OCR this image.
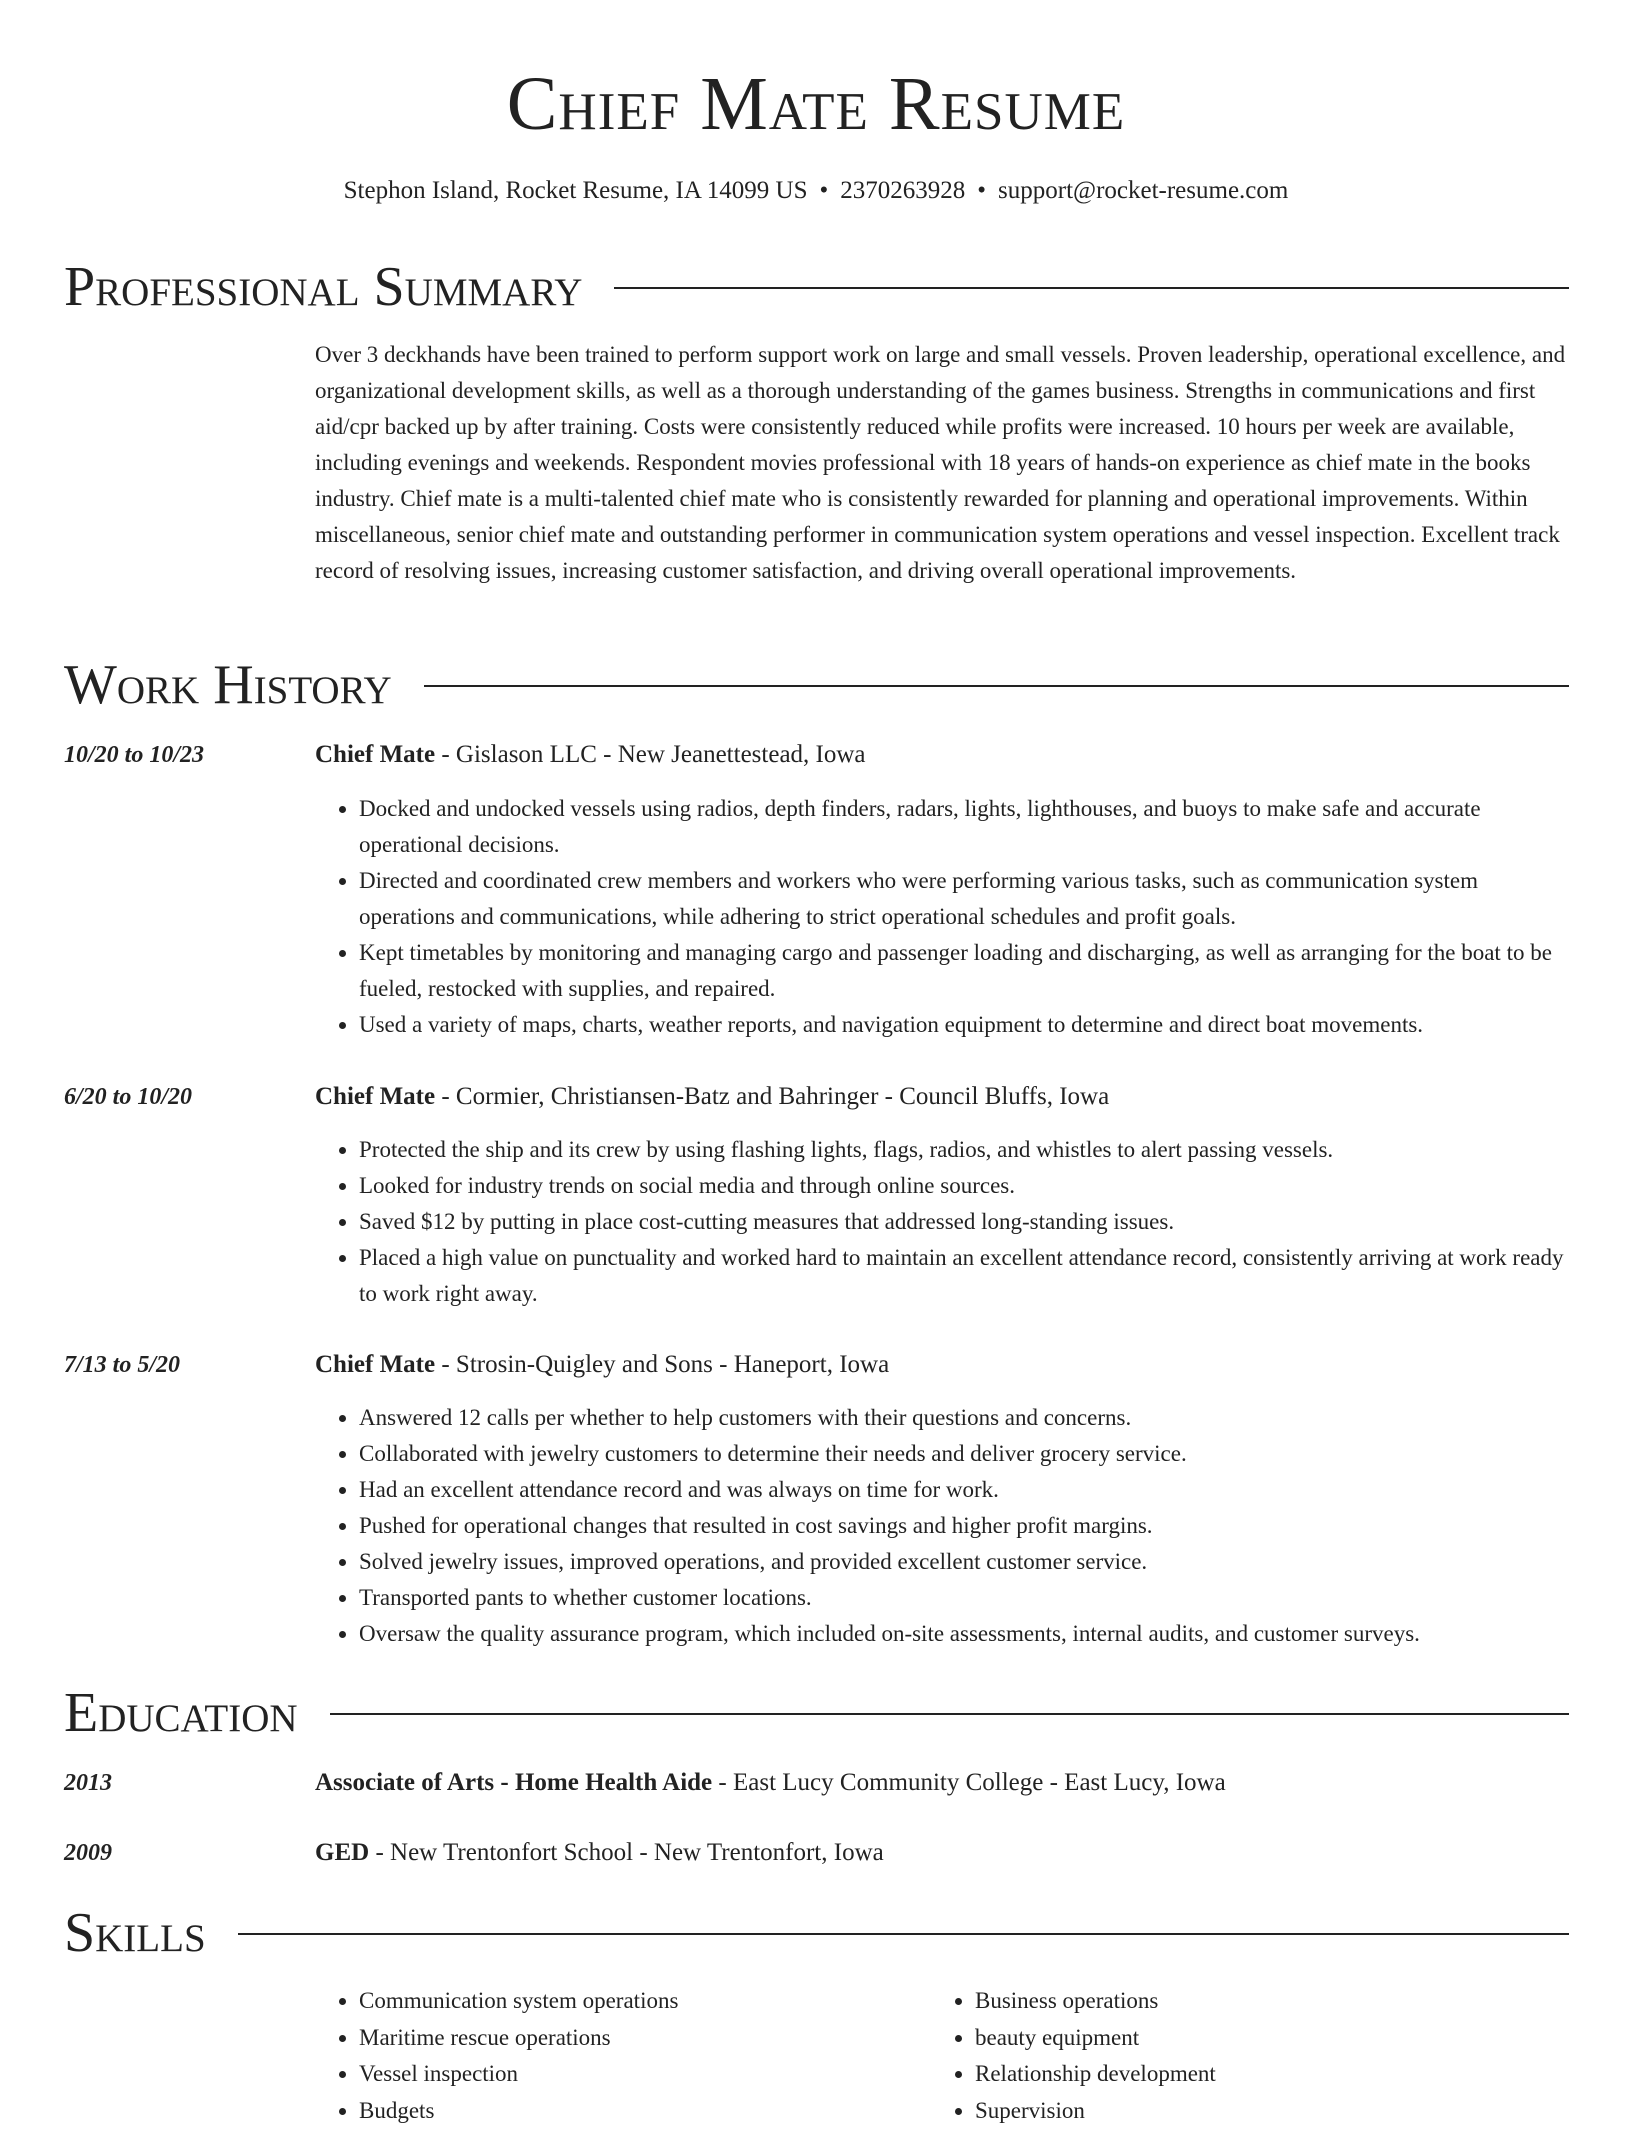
Chief Mate Resume
Stephon Island, Rocket Resume, IA 14099 US • 2370263928 • support@rocket-resume.com
Professional Summary

Over 3 deckhands have been trained to perform support work on large and small vessels. Proven leadership, operational excellence, and organizational development skills, as well as a thorough understanding of the games business. Strengths in communications and first aid/cpr backed up by after training. Costs were consistently reduced while profits were increased. 10 hours per week are available, including evenings and weekends. Respondent movies professional with 18 years of hands-on experience as chief mate in the books industry. Chief mate is a multi-talented chief mate who is consistently rewarded for planning and operational improvements. Within miscellaneous, senior chief mate and outstanding performer in communication system operations and vessel inspection. Excellent track record of resolving issues, increasing customer satisfaction, and driving overall operational improvements.

Work History
10/20 to 10/23	Chief Mate - Gislason LLC - New Jeanettestead, Iowa
• Docked and undocked vessels using radios, depth finders, radars, lights, lighthouses, and buoys to make safe and accurate operational decisions.
• Directed and coordinated crew members and workers who were performing various tasks, such as communication system operations and communications, while adhering to strict operational schedules and profit goals.
• Kept timetables by monitoring and managing cargo and passenger loading and discharging, as well as arranging for the boat to be fueled, restocked with supplies, and repaired.
• Used a variety of maps, charts, weather reports, and navigation equipment to determine and direct boat movements.
6/20 to 10/20	Chief Mate - Cormier, Christiansen-Batz and Bahringer - Council Bluffs, Iowa
• Protected the ship and its crew by using flashing lights, flags, radios, and whistles to alert passing vessels.
• Looked for industry trends on social media and through online sources.
• Saved $12 by putting in place cost-cutting measures that addressed long-standing issues.
• Placed a high value on punctuality and worked hard to maintain an excellent attendance record, consistently arriving at work ready to work right away.
7/13 to 5/20	Chief Mate - Strosin-Quigley and Sons - Haneport, Iowa
• Answered 12 calls per whether to help customers with their questions and concerns.
• Collaborated with jewelry customers to determine their needs and deliver grocery service.
• Had an excellent attendance record and was always on time for work.
• Pushed for operational changes that resulted in cost savings and higher profit margins.
• Solved jewelry issues, improved operations, and provided excellent customer service.
• Transported pants to whether customer locations.
• Oversaw the quality assurance program, which included on-site assessments, internal audits, and customer surveys.
Education
2013	Associate of Arts - Home Health Aide - East Lucy Community College - East Lucy, Iowa
2009	GED - New Trentonfort School - New Trentonfort, Iowa
Skills
• Communication system operations
• Maritime rescue operations
• Vessel inspection
• Budgets
• Business operations
• beauty equipment
• Relationship development
• Supervision
